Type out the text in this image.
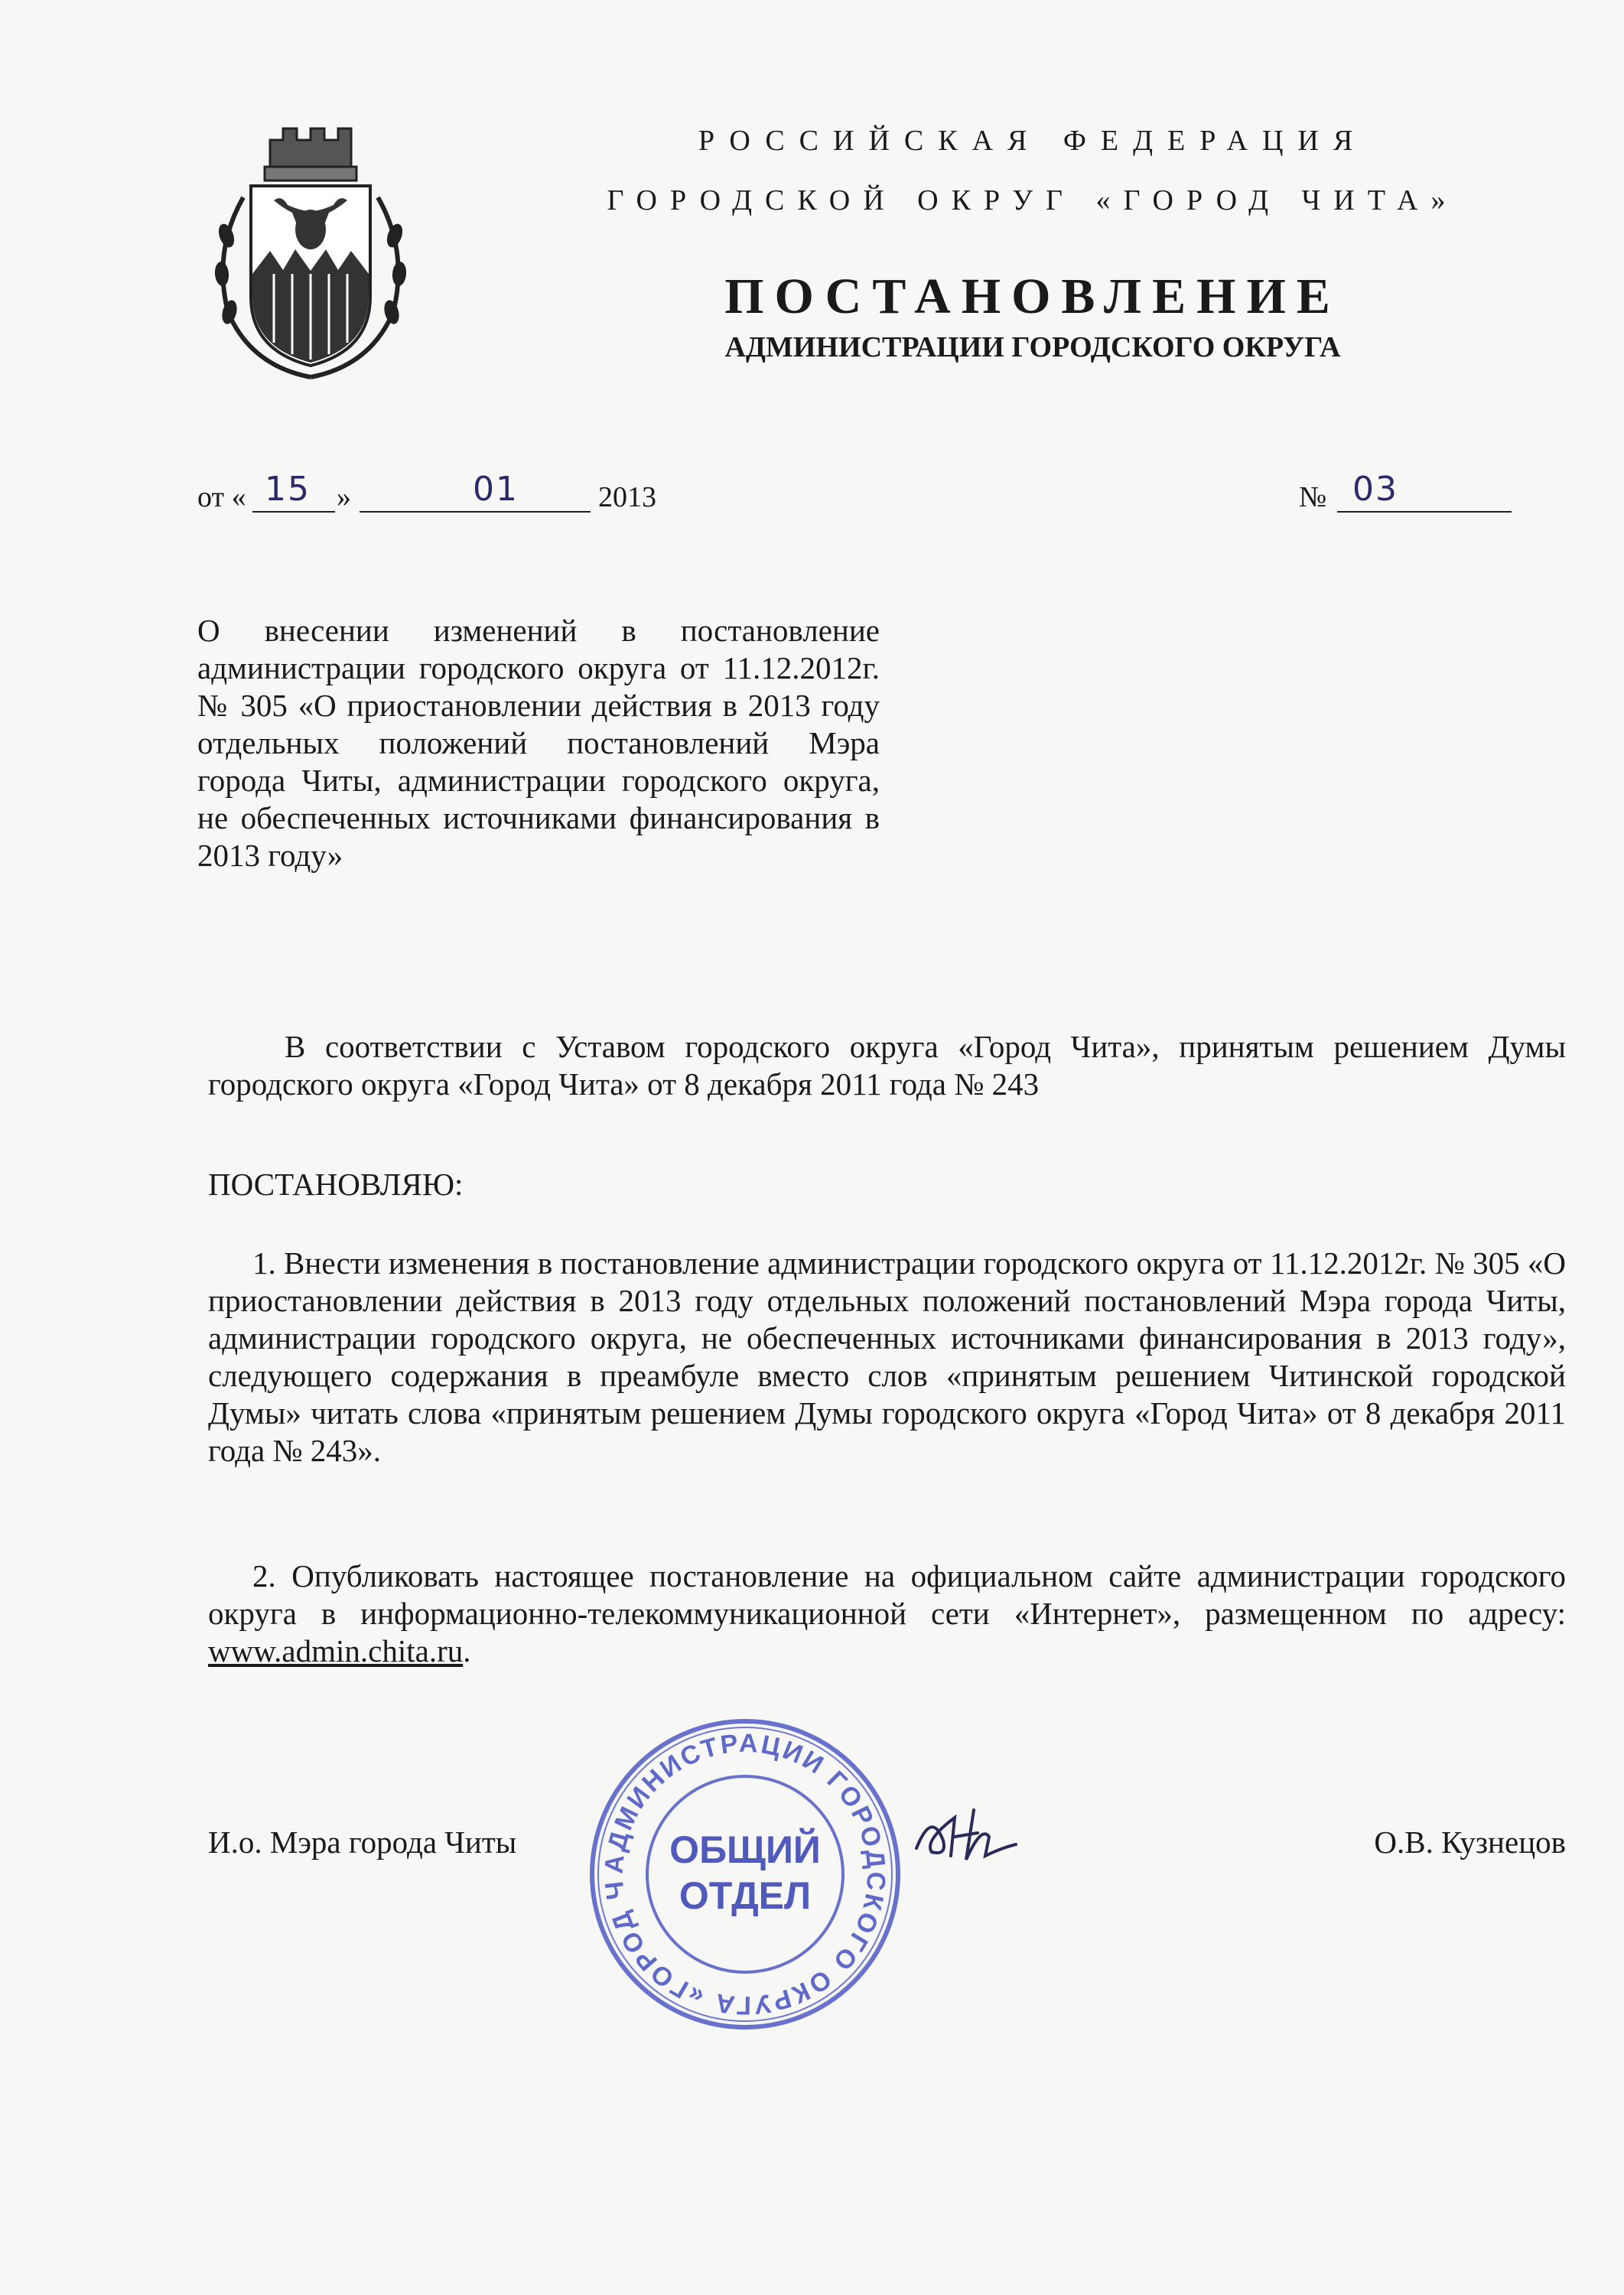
РОССИЙСКАЯ ФЕДЕРАЦИЯ
ГОРОДСКОЙ ОКРУГ «ГОРОД ЧИТА»
ПОСТАНОВЛЕНИЕ
АДМИНИСТРАЦИИ ГОРОДСКОГО ОКРУГА
от « 15 »	01	2013	№ 03
О внесении изменений в постановление администрации городского округа от 11.12.2012г. № 305 «О приостановлении действия в 2013 году отдельных положений постановлений Мэра города Читы, администрации городского округа, не обеспеченных источниками финансирования в 2013 году»
В соответствии с Уставом городского округа «Город Чита», принятым решением Думы городского округа «Город Чита» от 8 декабря 2011 года № 243
ПОСТАНОВЛЯЮ:
1. Внести изменения в постановление администрации городского округа от 11.12.2012г. № 305 «О приостановлении действия в 2013 году отдельных положений постановлений Мэра города Читы, администрации городского округа, не обеспеченных источниками финансирования в 2013 году», следующего содержания в преамбуле вместо слов «принятым решением Читинской городской Думы» читать слова «принятым решением Думы городского округа «Город Чита» от 8 декабря 2011 года № 243».
2. Опубликовать настоящее постановление на официальном сайте администрации городского округа в информационно-телекоммуникационной сети «Интернет», размещенном по адресу: www.admin.chita.ru.
И.о. Мэра города Читы	О.В. Кузнецов
АДМИНИСТРАЦИИ ГОРОДСКОГО ОКРУГА «ГОРОД Ч
ОБЩИЙ
ОТДЕЛ
